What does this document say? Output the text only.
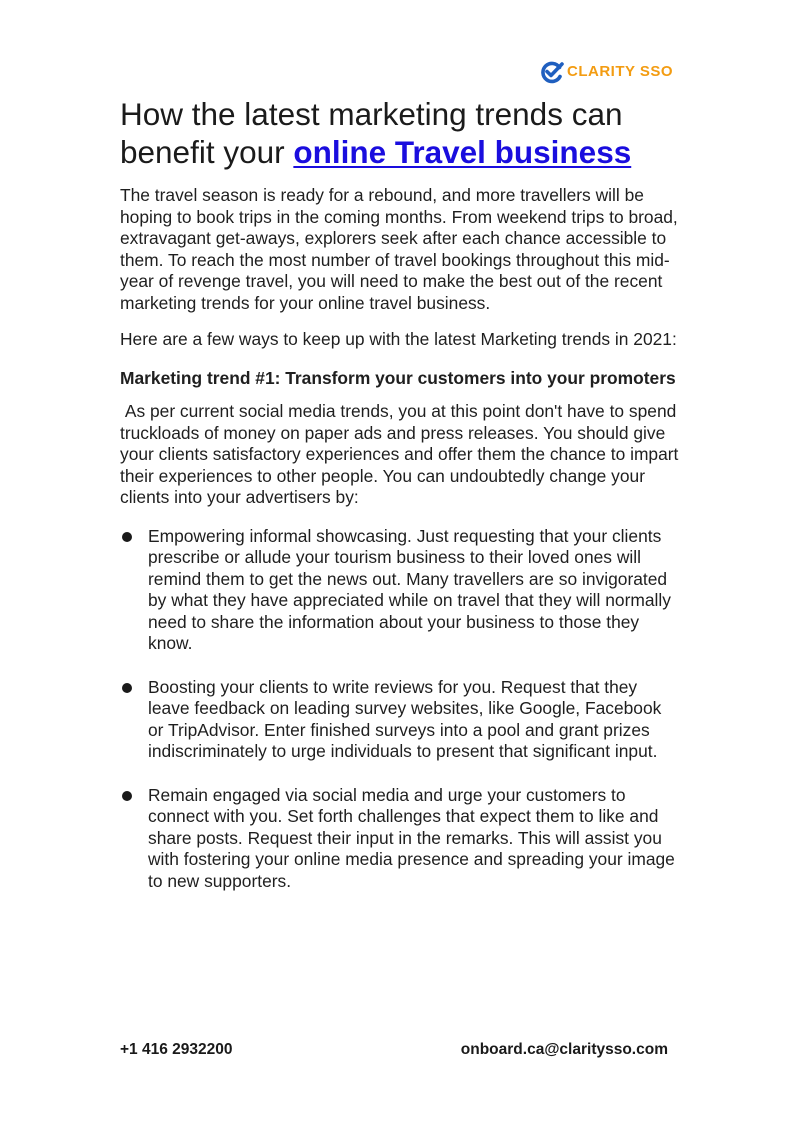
CLARITY SSO
How the latest marketing trends can benefit your online Travel business

The travel season is ready for a rebound, and more travellers will be hoping to book trips in the coming months. From weekend trips to broad, extravagant get-aways, explorers seek after each chance accessible to them. To reach the most number of travel bookings throughout this mid-year of revenge travel, you will need to make the best out of the recent marketing trends for your online travel business.

Here are a few ways to keep up with the latest Marketing trends in 2021:

Marketing trend #1: Transform your customers into your promoters

As per current social media trends, you at this point don't have to spend truckloads of money on paper ads and press releases. You should give your clients satisfactory experiences and offer them the chance to impart their experiences to other people. You can undoubtedly change your clients into your advertisers by:

Empowering informal showcasing. Just requesting that your clients prescribe or allude your tourism business to their loved ones will remind them to get the news out. Many travellers are so invigorated by what they have appreciated while on travel that they will normally need to share the information about your business to those they know.
Boosting your clients to write reviews for you. Request that they leave feedback on leading survey websites, like Google, Facebook or TripAdvisor. Enter finished surveys into a pool and grant prizes indiscriminately to urge individuals to present that significant input.
Remain engaged via social media and urge your customers to connect with you. Set forth challenges that expect them to like and share posts. Request their input in the remarks. This will assist you with fostering your online media presence and spreading your image to new supporters.
+1 416 2932200	onboard.ca@claritysso.com
